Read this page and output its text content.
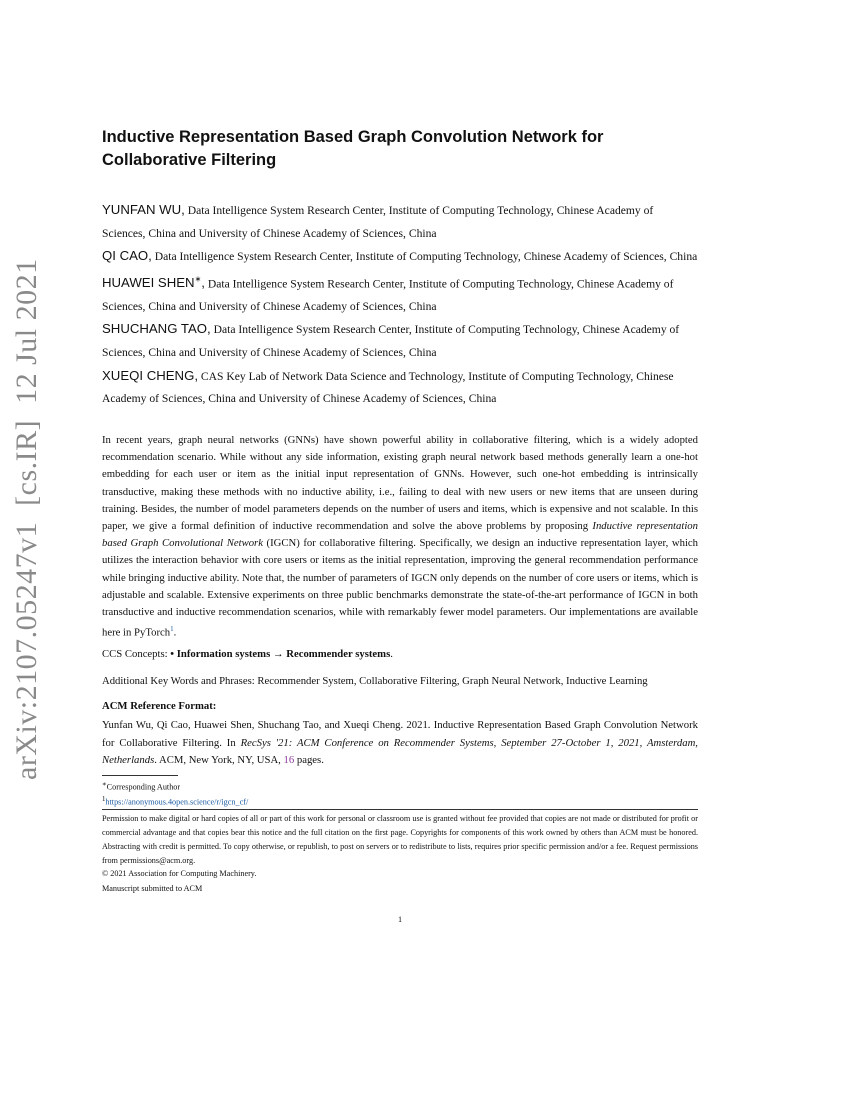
arXiv:2107.05247v1  [cs.IR]  12 Jul 2021
Inductive Representation Based Graph Convolution Network for Collaborative Filtering
YUNFAN WU, Data Intelligence System Research Center, Institute of Computing Technology, Chinese Academy of Sciences, China and University of Chinese Academy of Sciences, China
QI CAO, Data Intelligence System Research Center, Institute of Computing Technology, Chinese Academy of Sciences, China
HUAWEI SHEN∗, Data Intelligence System Research Center, Institute of Computing Technology, Chinese Academy of Sciences, China and University of Chinese Academy of Sciences, China
SHUCHANG TAO, Data Intelligence System Research Center, Institute of Computing Technology, Chinese Academy of Sciences, China and University of Chinese Academy of Sciences, China
XUEQI CHENG, CAS Key Lab of Network Data Science and Technology, Institute of Computing Technology, Chinese Academy of Sciences, China and University of Chinese Academy of Sciences, China
In recent years, graph neural networks (GNNs) have shown powerful ability in collaborative filtering, which is a widely adopted recommendation scenario. While without any side information, existing graph neural network based methods generally learn a one-hot embedding for each user or item as the initial input representation of GNNs. However, such one-hot embedding is intrinsically transductive, making these methods with no inductive ability, i.e., failing to deal with new users or new items that are unseen during training. Besides, the number of model parameters depends on the number of users and items, which is expensive and not scalable. In this paper, we give a formal definition of inductive recommendation and solve the above problems by proposing Inductive representation based Graph Convolutional Network (IGCN) for collaborative filtering. Specifically, we design an inductive representation layer, which utilizes the interaction behavior with core users or items as the initial representation, improving the general recommendation performance while bringing inductive ability. Note that, the number of parameters of IGCN only depends on the number of core users or items, which is adjustable and scalable. Extensive experiments on three public benchmarks demonstrate the state-of-the-art performance of IGCN in both transductive and inductive recommendation scenarios, while with remarkably fewer model parameters. Our implementations are available here in PyTorch$^1$.
CCS Concepts: • Information systems → Recommender systems.
Additional Key Words and Phrases: Recommender System, Collaborative Filtering, Graph Neural Network, Inductive Learning
ACM Reference Format:
Yunfan Wu, Qi Cao, Huawei Shen, Shuchang Tao, and Xueqi Cheng. 2021. Inductive Representation Based Graph Convolution Network for Collaborative Filtering. In RecSys '21: ACM Conference on Recommender Systems, September 27-October 1, 2021, Amsterdam, Netherlands. ACM, New York, NY, USA, 16 pages.
∗Corresponding Author
$^1$https://anonymous.4open.science/r/igcn_cf/
Permission to make digital or hard copies of all or part of this work for personal or classroom use is granted without fee provided that copies are not made or distributed for profit or commercial advantage and that copies bear this notice and the full citation on the first page. Copyrights for components of this work owned by others than ACM must be honored. Abstracting with credit is permitted. To copy otherwise, or republish, to post on servers or to redistribute to lists, requires prior specific permission and/or a fee. Request permissions from permissions@acm.org.
© 2021 Association for Computing Machinery.
Manuscript submitted to ACM
1
